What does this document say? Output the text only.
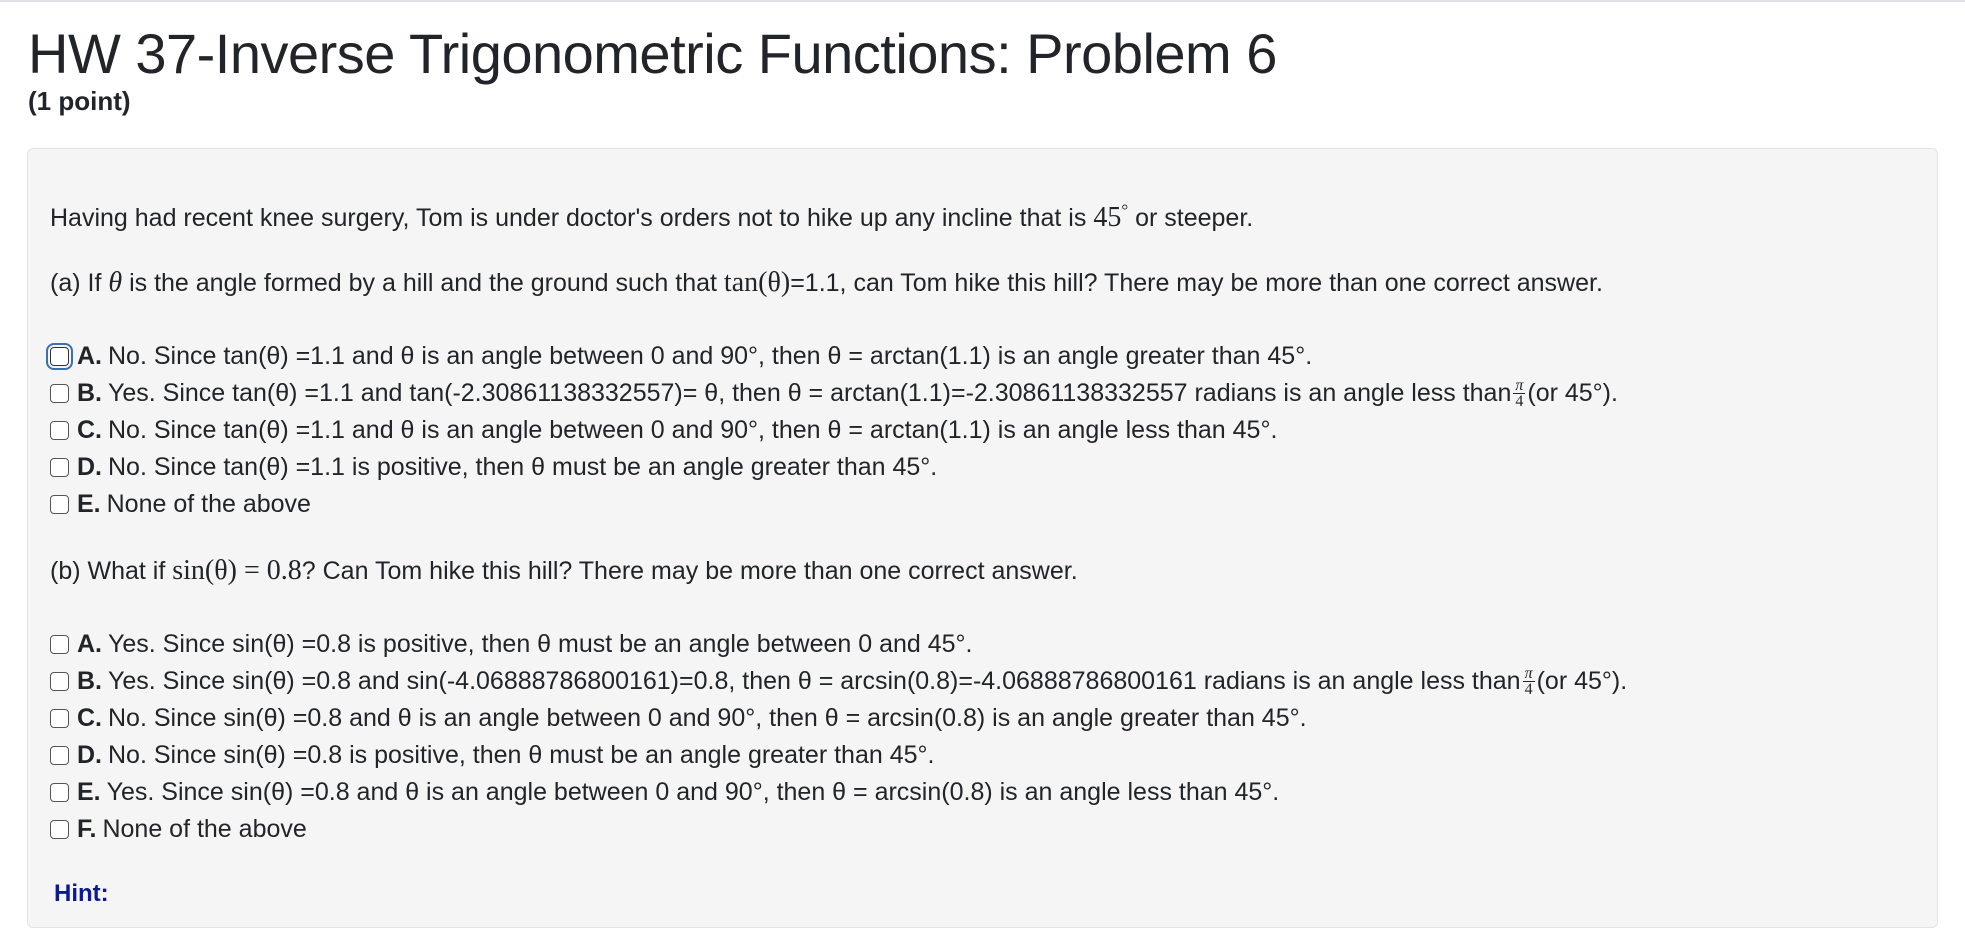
HW 37-Inverse Trigonometric Functions: Problem 6
(1 point)
Having had recent knee surgery, Tom is under doctor's orders not to hike up any incline that is 45° or steeper.
(a) If θ is the angle formed by a hill and the ground such that tan(θ)=1.1, can Tom hike this hill? There may be more than one correct answer.
A. No. Since tan(θ) =1.1 and θ is an angle between 0 and 90°, then θ = arctan(1.1) is an angle greater than 45°.
B. Yes. Since tan(θ) =1.1 and tan(-2.30861138332557)= θ, then θ = arctan(1.1)=-2.30861138332557 radians is an angle less than $\frac{\pi}{4} (or$ 45°).
C. No. Since tan(θ) =1.1 and θ is an angle between 0 and 90°, then θ = arctan(1.1) is an angle less than 45°.
D. No. Since tan(θ) =1.1 is positive, then θ must be an angle greater than 45°.
E. None of the above
(b) What if sin(θ) = 0.8? Can Tom hike this hill? There may be more than one correct answer.
A. Yes. Since sin(θ) =0.8 is positive, then θ must be an angle between 0 and 45°.
B. Yes. Since sin(θ) =0.8 and sin(-4.06888786800161)=0.8, then θ = arcsin(0.8)=-4.06888786800161 radians is an angle less than $\frac{\pi}{4} (or$ 45°).
C. No. Since sin(θ) =0.8 and θ is an angle between 0 and 90°, then θ = arcsin(0.8) is an angle greater than 45°.
D. No. Since sin(θ) =0.8 is positive, then θ must be an angle greater than 45°.
E. Yes. Since sin(θ) =0.8 and θ is an angle between 0 and 90°, then θ = arcsin(0.8) is an angle less than 45°.
F. None of the above
Hint:
